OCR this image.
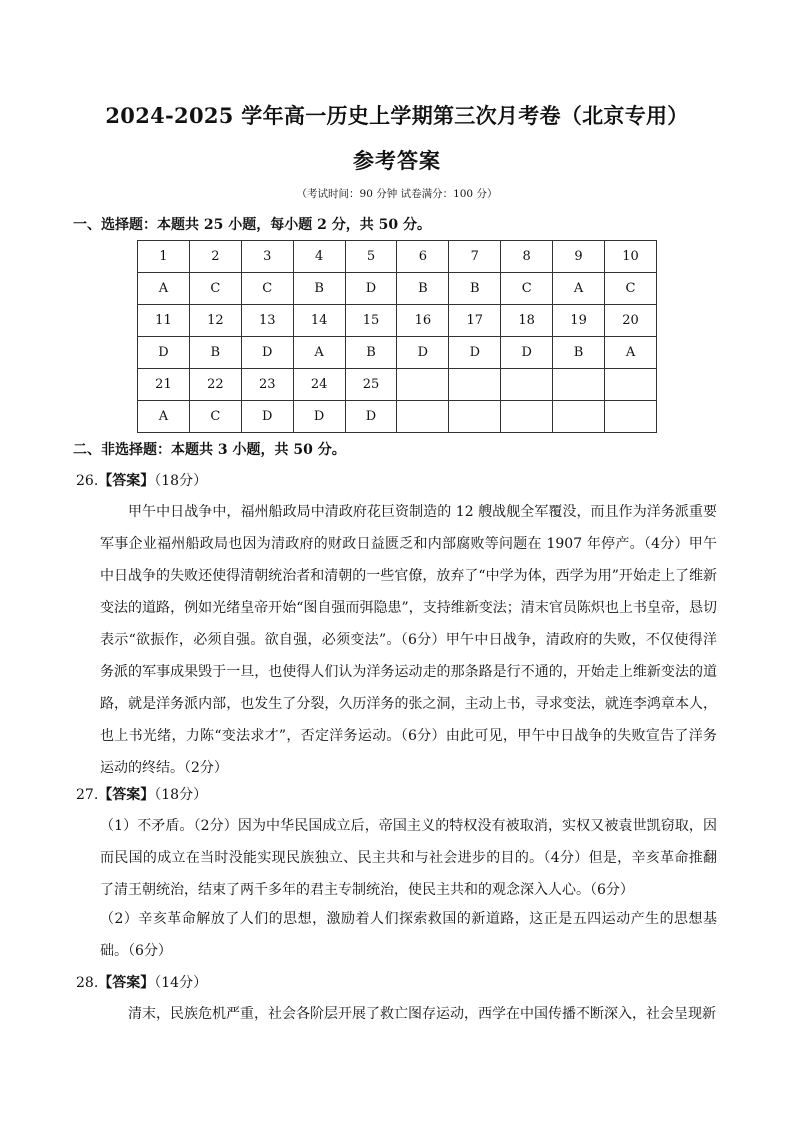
2024-2025 学年高一历史上学期第三次月考卷（北京专用）
参考答案
（考试时间：90 分钟 试卷满分：100 分）
一、选择题：本题共 25 小题，每小题 2 分，共 50 分。
1	2	3	4	5	6	7	8	9	10
A	C	C	B	D	B	B	C	A	C
11	12	13	14	15	16	17	18	19	20
D	B	D	A	B	D	D	D	B	A
21	22	23	24	25					
A	C	D	D	D					
二、非选择题：本题共 3 小题，共 50 分。
26.【答案】（18分）
甲午中日战争中，福州船政局中清政府花巨资制造的 12 艘战舰全军覆没，而且作为洋务派重要军事企业福州船政局也因为清政府的财政日益匮乏和内部腐败等问题在 1907 年停产。（4分）甲午中日战争的失败还使得清朝统治者和清朝的一些官僚，放弃了“中学为体，西学为用”开始走上了维新变法的道路，例如光绪皇帝开始“图自强而弭隐患”，支持维新变法；清末官员陈炽也上书皇帝，恳切表示“欲振作，必须自强。欲自强，必须变法”。（6分）甲午中日战争，清政府的失败，不仅使得洋务派的军事成果毁于一旦，也使得人们认为洋务运动走的那条路是行不通的，开始走上维新变法的道路，就是洋务派内部，也发生了分裂，久历洋务的张之洞，主动上书，寻求变法，就连李鸿章本人，也上书光绪，力陈“变法求才”，否定洋务运动。（6分）由此可见，甲午中日战争的失败宣告了洋务运动的终结。（2分）
27.【答案】（18分）
（1）不矛盾。（2分）因为中华民国成立后，帝国主义的特权没有被取消，实权又被袁世凯窃取，因而民国的成立在当时没能实现民族独立、民主共和与社会进步的目的。（4分）但是，辛亥革命推翻了清王朝统治，结束了两千多年的君主专制统治，使民主共和的观念深入人心。（6分）
（2）辛亥革命解放了人们的思想，激励着人们探索救国的新道路，这正是五四运动产生的思想基础。（6分）
28.【答案】（14分）
清末，民族危机严重，社会各阶层开展了救亡图存运动，西学在中国传播不断深入，社会呈现新
